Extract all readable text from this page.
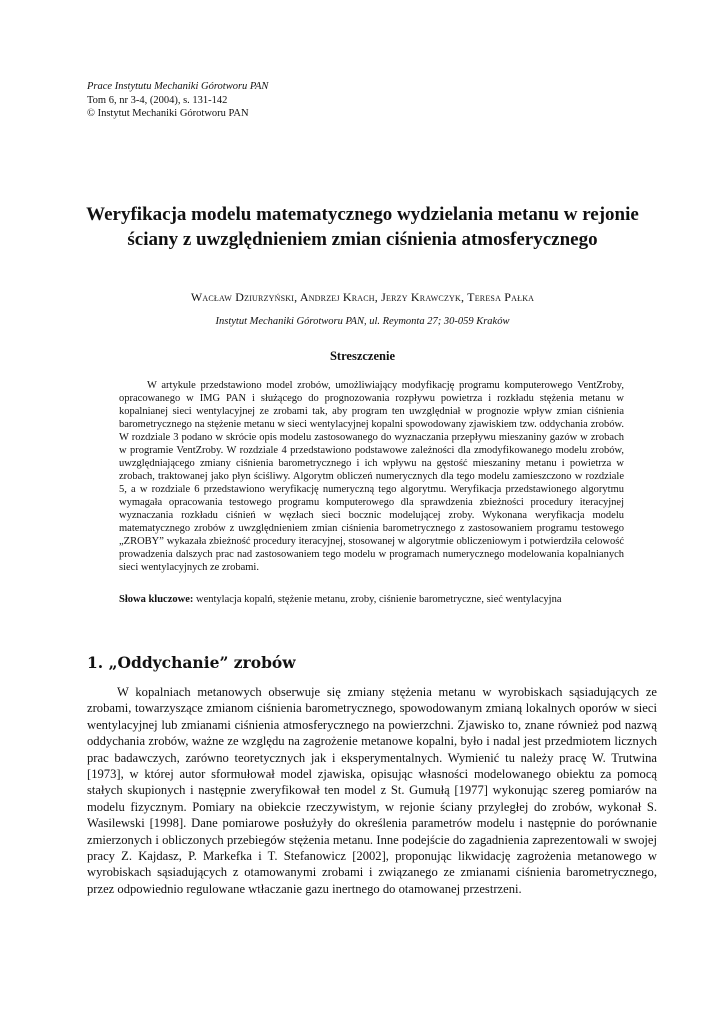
Prace Instytutu Mechaniki Górotworu PAN
Tom 6, nr 3-4, (2004), s. 131-142
© Instytut Mechaniki Górotworu PAN
Weryfikacja modelu matematycznego wydzielania metanu w rejonie ściany z uwzględnieniem zmian ciśnienia atmosferycznego
Wacław Dziurzyński, Andrzej Krach, Jerzy Krawczyk, Teresa Pałka
Instytut Mechaniki Górotworu PAN, ul. Reymonta 27; 30-059 Kraków
Streszczenie

W artykule przedstawiono model zrobów, umożliwiający modyfikację programu komputerowego VentZroby, opracowanego w IMG PAN i służącego do prognozowania rozpływu powietrza i rozkładu stężenia metanu w kopalnianej sieci wentylacyjnej ze zrobami tak, aby program ten uwzględniał w prognozie wpływ zmian ciśnienia barometrycznego na stężenie metanu w sieci wentylacyjnej kopalni spowodowany zjawiskiem tzw. oddychania zrobów. W rozdziale 3 podano w skrócie opis modelu zastosowanego do wyznaczania przepływu mieszaniny gazów w zrobach w programie VentZroby. W rozdziale 4 przedstawiono podstawowe zależności dla zmodyfikowanego modelu zrobów, uwzględniającego zmiany ciśnienia barometrycznego i ich wpływu na gęstość mieszaniny metanu i powietrza w zrobach, traktowanej jako płyn ściśliwy. Algorytm obliczeń numerycznych dla tego modelu zamieszczono w rozdziale 5, a w rozdziale 6 przedstawiono weryfikację numeryczną tego algorytmu. Weryfikacja przedstawionego algorytmu wymagała opracowania testowego programu komputerowego dla sprawdzenia zbieżności procedury iteracyjnej wyznaczania rozkładu ciśnień w węzłach sieci bocznic modelującej zroby. Wykonana weryfikacja modelu matematycznego zrobów z uwzględnieniem zmian ciśnienia barometrycznego z zastosowaniem programu testowego „ZROBY” wykazała zbieżność procedury iteracyjnej, stosowanej w algorytmie obliczeniowym i potwierdziła celowość prowadzenia dalszych prac nad zastosowaniem tego modelu w programach numerycznego modelowania kopalnianych sieci wentylacyjnych ze zrobami.

Słowa kluczowe: wentylacja kopalń, stężenie metanu, zroby, ciśnienie barometryczne, sieć wentylacyjna

1. „Oddychanie” zrobów

W kopalniach metanowych obserwuje się zmiany stężenia metanu w wyrobiskach sąsiadujących ze zrobami, towarzyszące zmianom ciśnienia barometrycznego, spowodowanym zmianą lokalnych oporów w sieci wentylacyjnej lub zmianami ciśnienia atmosferycznego na powierzchni. Zjawisko to, znane również pod nazwą oddychania zrobów, ważne ze względu na zagrożenie metanowe kopalni, było i nadal jest przedmiotem licznych prac badawczych, zarówno teoretycznych jak i eksperymentalnych. Wymienić tu należy pracę W. Trutwina [1973], w której autor sformułował model zjawiska, opisując własności modelowanego obiektu za pomocą stałych skupionych i następnie zweryfikował ten model z St. Gumułą [1977] wykonując szereg pomiarów na modelu fizycznym. Pomiary na obiekcie rzeczywistym, w rejonie ściany przyległej do zrobów, wykonał S. Wasilewski [1998]. Dane pomiarowe posłużyły do określenia parametrów modelu i następnie do porównanie zmierzonych i obliczonych przebiegów stężenia metanu. Inne podejście do zagadnienia zaprezentowali w swojej pracy Z. Kajdasz, P. Markefka i T. Stefanowicz [2002], proponując likwidację zagrożenia metanowego w wyrobiskach sąsiadujących z otamowanymi zrobami i związanego ze zmianami ciśnienia barometrycznego, przez odpowiednio regulowane wtłaczanie gazu inertnego do otamowanej przestrzeni.
